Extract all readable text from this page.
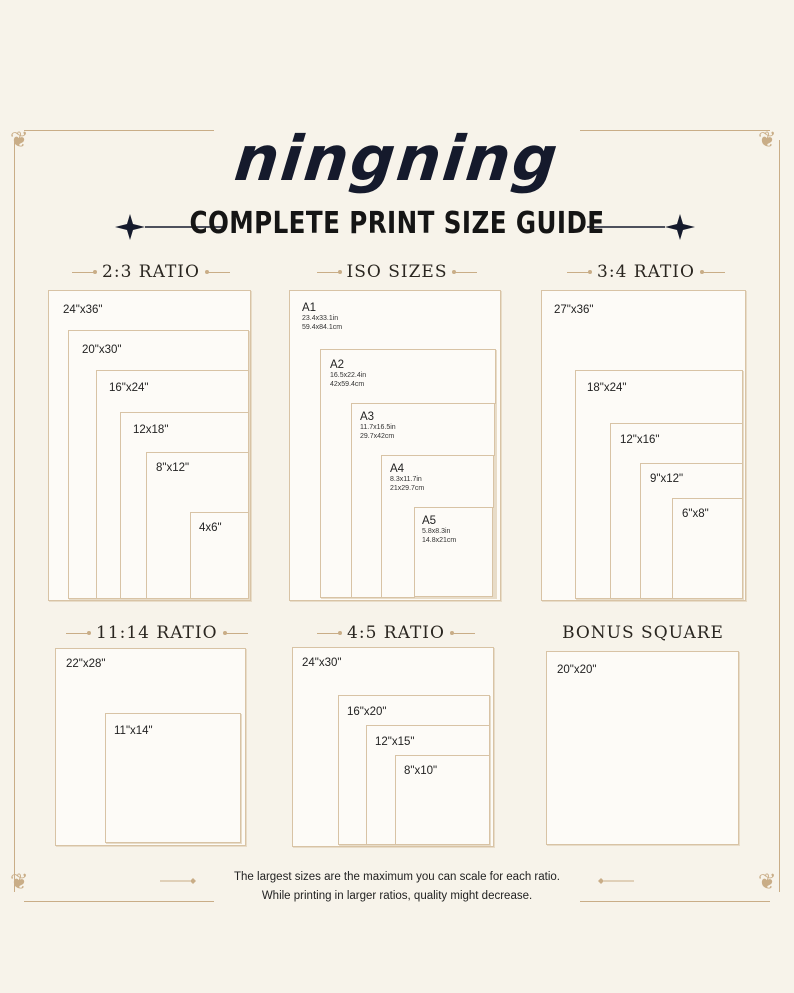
❦	❦
❦	❦
ningning
COMPLETE PRINT SIZE GUIDE
2:3 RATIO	ISO SIZES	3:4 RATIO
11:14 RATIO	4:5 RATIO	BONUS SQUARE
24"x36"
20"x30"
16"x24"
12x18"
8"x12"
4x6"
A1
23.4x33.1in
59.4x84.1cm
A2
16.5x22.4in
42x59.4cm
A3
11.7x16.5in
29.7x42cm
A4
8.3x11.7in
21x29.7cm
A5
5.8x8.3in
14.8x21cm
27"x36"
18"x24"
12"x16"
9"x12"
6"x8"
22"x28"
11"x14"
24"x30"
16"x20"
12"x15"
8"x10"
20"x20"
The largest sizes are the maximum you can scale for each ratio.
While printing in larger ratios, quality might decrease.
